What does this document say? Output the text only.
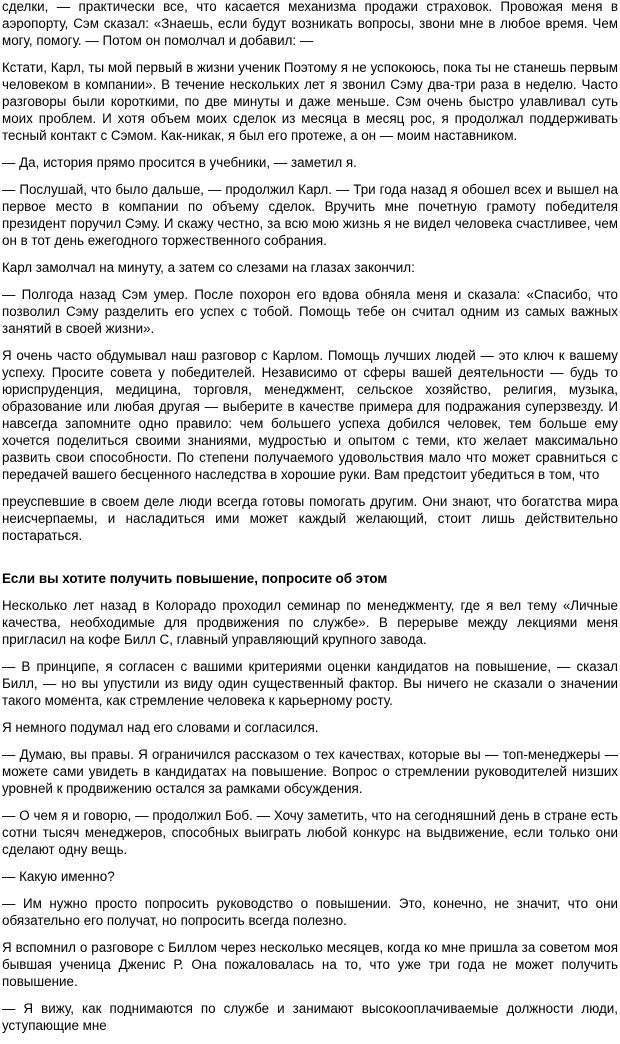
сделки, — практически все, что касается механизма продажи страховок. Провожая меня в аэропорту, Сэм сказал: «Знаешь, если будут возникать вопросы, звони мне в любое время. Чем могу, помогу. — Потом он помолчал и добавил: —

Кстати, Карл, ты мой первый в жизни ученик Поэтому я не успокоюсь, пока ты не станешь первым человеком в компании». В течение нескольких лет я звонил Сэму два-три раза в неделю. Часто разговоры были короткими, по две минуты и даже меньше. Сэм очень быстро улавливал суть моих проблем. И хотя объем моих сделок из месяца в месяц рос, я продолжал поддерживать тесный контакт с Сэмом. Как-никак, я был его протеже, а он — моим наставником.

— Да, история прямо просится в учебники, — заметил я.

— Послушай, что было дальше, — продолжил Карл. — Три года назад я обошел всех и вышел на первое место в компании по объему сделок. Вручить мне почетную грамоту победителя президент поручил Сэму. И скажу честно, за всю мою жизнь я не видел человека счастливее, чем он в тот день ежегодного торжественного собрания.

Карл замолчал на минуту, а затем со слезами на глазах закончил:

— Полгода назад Сэм умер. После похорон его вдова обняла меня и сказала: «Спасибо, что позволил Сэму разделить его успех с тобой. Помощь тебе он считал одним из самых важных занятий в своей жизни».

Я очень часто обдумывал наш разговор с Карлом. Помощь лучших людей — это ключ к вашему успеху. Просите совета у победителей. Независимо от сферы вашей деятельности — будь то юриспруденция, медицина, торговля, менеджмент, сельское хозяйство, религия, музыка, образование или любая другая — выберите в качестве примера для подражания суперзвезду. И навсегда запомните одно правило: чем большего успеха добился человек, тем больше ему хочется поделиться своими знаниями, мудростью и опытом с теми, кто желает максимально развить свои способности. По степени получаемого удовольствия мало что может сравниться с передачей вашего бесценного наследства в хорошие руки. Вам предстоит убедиться в том, что

преуспевшие в своем деле люди всегда готовы помогать другим. Они знают, что богатства мира неисчерпаемы, и насладиться ими может каждый желающий, стоит лишь действительно постараться.

Если вы хотите получить повышение, попросите об этом

Несколько лет назад в Колорадо проходил семинар по менеджменту, где я вел тему «Личные качества, необходимые для продвижения по службе». В перерыве между лекциями меня пригласил на кофе Билл С, главный управляющий крупного завода.

— В принципе, я согласен с вашими критериями оценки кандидатов на повышение, — сказал Билл, — но вы упустили из виду один существенный фактор. Вы ничего не сказали о значении такого момента, как стремление человека к карьерному росту.

Я немного подумал над его словами и согласился.

— Думаю, вы правы. Я ограничился рассказом о тех качествах, которые вы — топ-менеджеры — можете сами увидеть в кандидатах на повышение. Вопрос о стремлении руководителей низших уровней к продвижению остался за рамками обсуждения.

— О чем я и говорю, — продолжил Боб. — Хочу заметить, что на сегодняшний день в стране есть сотни тысяч менеджеров, способных выиграть любой конкурс на выдвижение, если только они сделают одну вещь.

— Какую именно?

— Им нужно просто попросить руководство о повышении. Это, конечно, не значит, что они обязательно его получат, но попросить всегда полезно.

Я вспомнил о разговоре с Биллом через несколько месяцев, когда ко мне пришла за советом моя бывшая ученица Дженис Р. Она пожаловалась на то, что уже три года не может получить повышение.

— Я вижу, как поднимаются по службе и занимают высокооплачиваемые должности люди, уступающие мне
